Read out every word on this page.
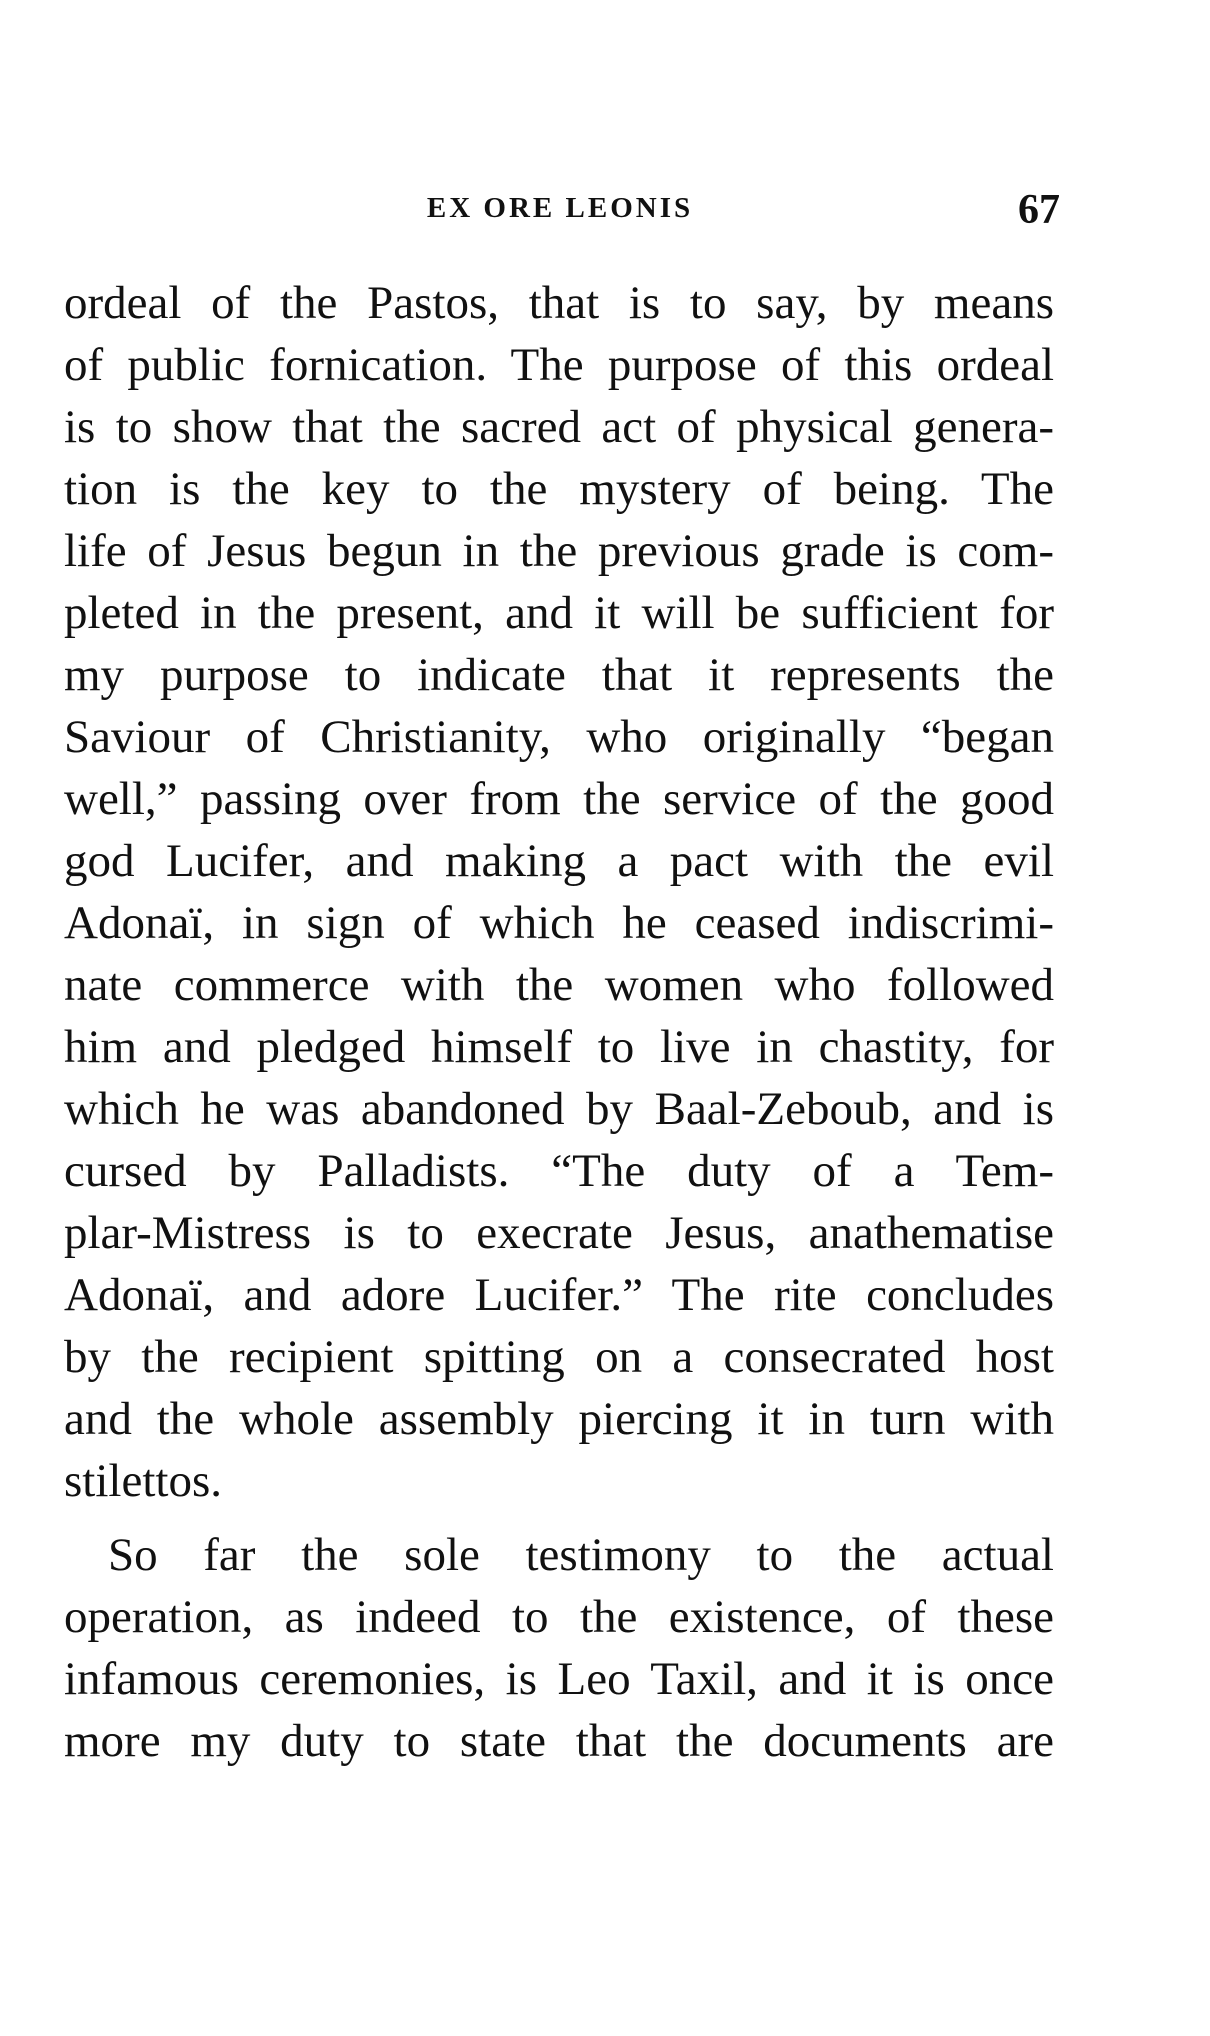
EX ORE LEONIS	67
ordeal of the Pastos, that is to say, by means
of public fornication. The purpose of this ordeal
is to show that the sacred act of physical genera-
tion is the key to the mystery of being. The
life of Jesus begun in the previous grade is com-
pleted in the present, and it will be sufficient for
my purpose to indicate that it represents the
Saviour of Christianity, who originally “began
well,” passing over from the service of the good
god Lucifer, and making a pact with the evil
Adonaï, in sign of which he ceased indiscrimi-
nate commerce with the women who followed
him and pledged himself to live in chastity, for
which he was abandoned by Baal-Zeboub, and is
cursed by Palladists. “The duty of a Tem-
plar-Mistress is to execrate Jesus, anathematise
Adonaï, and adore Lucifer.” The rite concludes
by the recipient spitting on a consecrated host
and the whole assembly piercing it in turn with
stilettos.
So far the sole testimony to the actual
operation, as indeed to the existence, of these
infamous ceremonies, is Leo Taxil, and it is once
more my duty to state that the documents are
